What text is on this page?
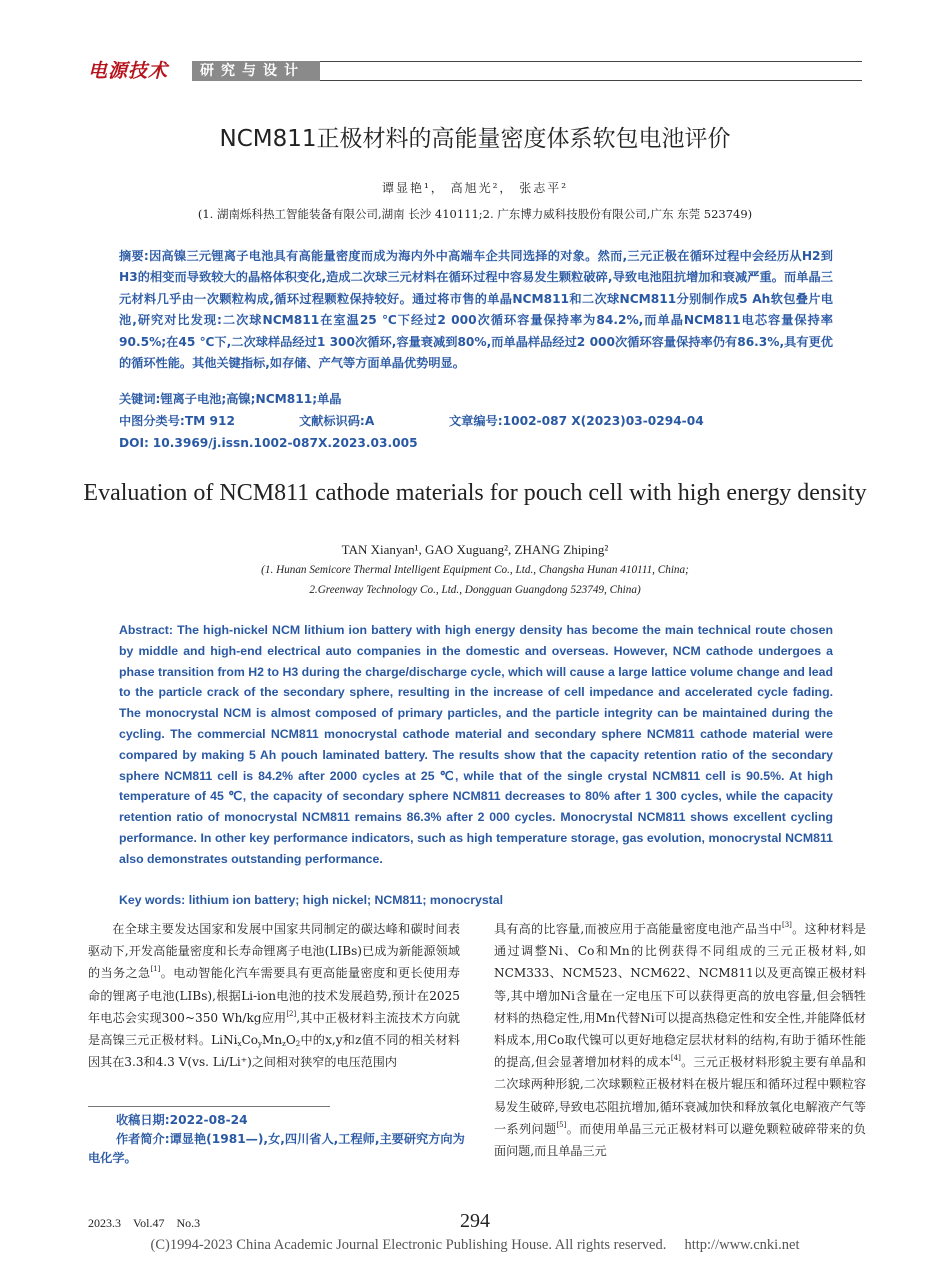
电源技术	研究与设计
NCM811正极材料的高能量密度体系软包电池评价
谭显艳¹， 高旭光²， 张志平²
(1. 湖南烁科热工智能装备有限公司,湖南 长沙 410111;2. 广东博力威科技股份有限公司,广东 东莞 523749)

摘要:因高镍三元锂离子电池具有高能量密度而成为海内外中高端车企共同选择的对象。然而,三元正极在循环过程中会经历从H2到H3的相变而导致较大的晶格体积变化,造成二次球三元材料在循环过程中容易发生颗粒破碎,导致电池阻抗增加和衰减严重。而单晶三元材料几乎由一次颗粒构成,循环过程颗粒保持较好。通过将市售的单晶NCM811和二次球NCM811分别制作成5 Ah软包叠片电池,研究对比发现:二次球NCM811在室温25 ℃下经过2 000次循环容量保持率为84.2%,而单晶NCM811电芯容量保持率90.5%;在45 ℃下,二次球样品经过1 300次循环,容量衰减到80%,而单晶样品经过2 000次循环容量保持率仍有86.3%,具有更优的循环性能。其他关键指标,如存储、产气等方面单晶优势明显。

关键词:锂离子电池;高镍;NCM811;单晶
中图分类号:TM 912	文献标识码:A	文章编号:1002-087 X(2023)03-0294-04
DOI: 10.3969/j.issn.1002-087X.2023.03.005
Evaluation of NCM811 cathode materials for pouch cell with high energy density
TAN Xianyan¹, GAO Xuguang², ZHANG Zhiping²
(1. Hunan Semicore Thermal Intelligent Equipment Co., Ltd., Changsha Hunan 410111, China;
2.Greenway Technology Co., Ltd., Dongguan Guangdong 523749, China)

Abstract: The high-nickel NCM lithium ion battery with high energy density has become the main technical route chosen by middle and high-end electrical auto companies in the domestic and overseas. However, NCM cathode undergoes a phase transition from H2 to H3 during the charge/discharge cycle, which will cause a large lattice volume change and lead to the particle crack of the secondary sphere, resulting in the increase of cell impedance and accelerated cycle fading. The monocrystal NCM is almost composed of primary particles, and the particle integrity can be maintained during the cycling. The commercial NCM811 monocrystal cathode material and secondary sphere NCM811 cathode material were compared by making 5 Ah pouch laminated battery. The results show that the capacity retention ratio of the secondary sphere NCM811 cell is 84.2% after 2000 cycles at 25 ℃, while that of the single crystal NCM811 cell is 90.5%. At high temperature of 45 ℃, the capacity of secondary sphere NCM811 decreases to 80% after 1 300 cycles, while the capacity retention ratio of monocrystal NCM811 remains 86.3% after 2 000 cycles. Monocrystal NCM811 shows excellent cycling performance. In other key performance indicators, such as high temperature storage, gas evolution, monocrystal NCM811 also demonstrates outstanding performance.

Key words: lithium ion battery; high nickel; NCM811; monocrystal

在全球主要发达国家和发展中国家共同制定的碳达峰和碳时间表驱动下,开发高能量密度和长寿命锂离子电池(LIBs)已成为新能源领域的当务之急[1]。电动智能化汽车需要具有更高能量密度和更长使用寿命的锂离子电池(LIBs),根据Li-ion电池的技术发展趋势,预计在2025年电芯会实现300~350 Wh/kg应用[2],其中正极材料主流技术方向就是高镍三元正极材料。$LiNi_xCo_yMn_zO_2$中的x,y和z值不同的相关材料因其在3.3和4.3 V(vs. Li/Li⁺)之间相对狭窄的电压范围内

具有高的比容量,而被应用于高能量密度电池产品当中[3]。这种材料是通过调整Ni、Co和Mn的比例获得不同组成的三元正极材料,如NCM333、NCM523、NCM622、NCM811以及更高镍正极材料等,其中增加Ni含量在一定电压下可以获得更高的放电容量,但会牺牲材料的热稳定性,用Mn代替Ni可以提高热稳定性和安全性,并能降低材料成本,用Co取代镍可以更好地稳定层状材料的结构,有助于循环性能的提高,但会显著增加材料的成本[4]。三元正极材料形貌主要有单晶和二次球两种形貌,二次球颗粒正极材料在极片辊压和循环过程中颗粒容易发生破碎,导致电芯阻抗增加,循环衰减加快和释放氧化电解液产气等一系列问题[5]。而使用单晶三元正极材料可以避免颗粒破碎带来的负面问题,而且单晶三元

收稿日期:2022-08-24

作者简介:谭显艳(1981—),女,四川省人,工程师,主要研究方向为电化学。

2023.3　Vol.47　No.3	294
(C)1994-2023 China Academic Journal Electronic Publishing House. All rights reserved.　 http://www.cnki.net
